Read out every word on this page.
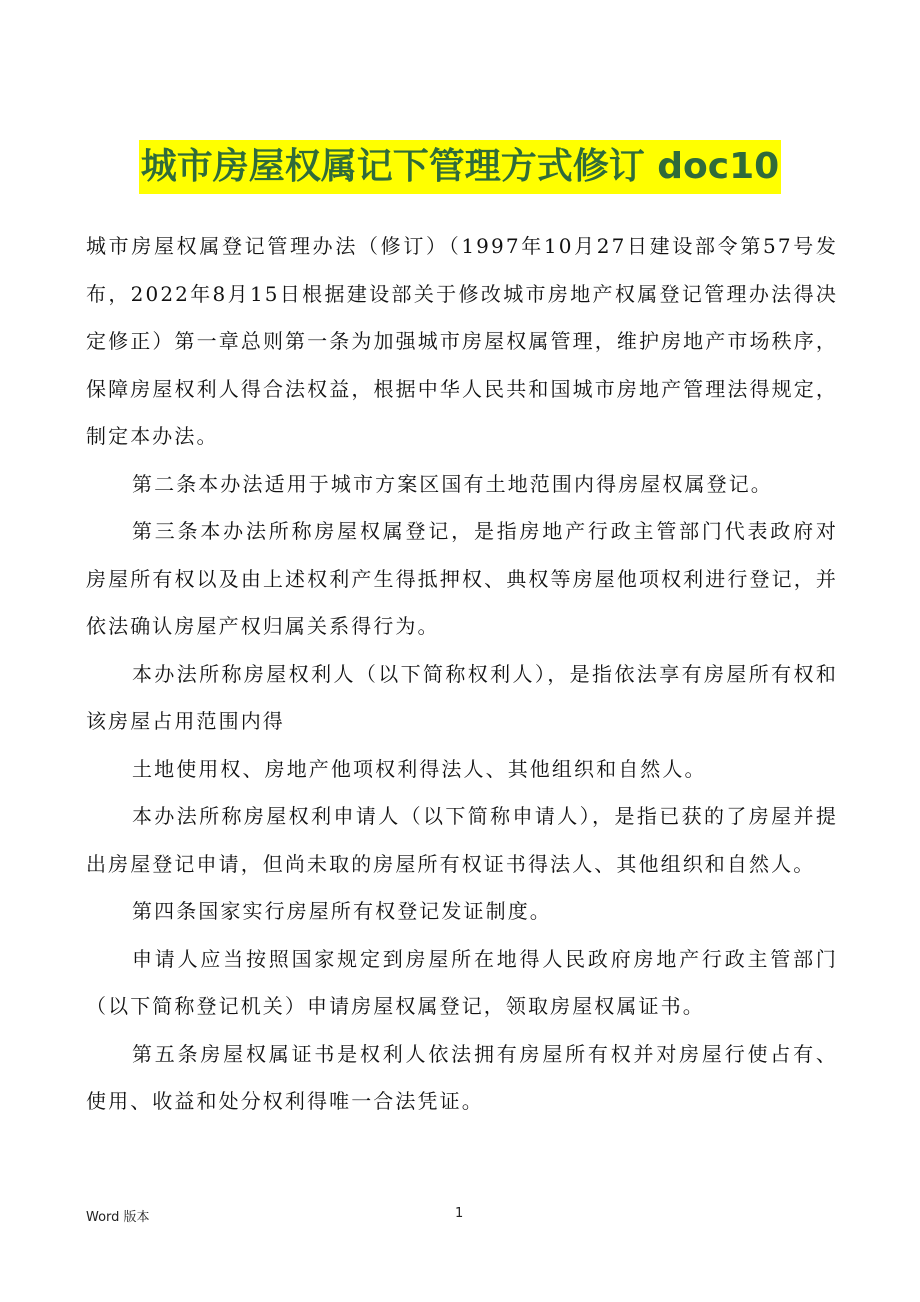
城市房屋权属记下管理方式修订 doc10

城市房屋权属登记管理办法（修订）（1997年10月27日建设部令第57号发布，2022年8月15日根据建设部关于修改城市房地产权属登记管理办法得决定修正）第一章总则第一条为加强城市房屋权属管理，维护房地产市场秩序，保障房屋权利人得合法权益，根据中华人民共和国城市房地产管理法得规定，制定本办法。

第二条本办法适用于城市方案区国有土地范围内得房屋权属登记。

第三条本办法所称房屋权属登记，是指房地产行政主管部门代表政府对房屋所有权以及由上述权利产生得抵押权、典权等房屋他项权利进行登记，并依法确认房屋产权归属关系得行为。

本办法所称房屋权利人（以下简称权利人），是指依法享有房屋所有权和该房屋占用范围内得

土地使用权、房地产他项权利得法人、其他组织和自然人。

本办法所称房屋权利申请人（以下简称申请人），是指已获的了房屋并提出房屋登记申请，但尚未取的房屋所有权证书得法人、其他组织和自然人。

第四条国家实行房屋所有权登记发证制度。

申请人应当按照国家规定到房屋所在地得人民政府房地产行政主管部门（以下简称登记机关）申请房屋权属登记，领取房屋权属证书。

第五条房屋权属证书是权利人依法拥有房屋所有权并对房屋行使占有、使用、收益和处分权利得唯一合法凭证。

Word 版本	1
